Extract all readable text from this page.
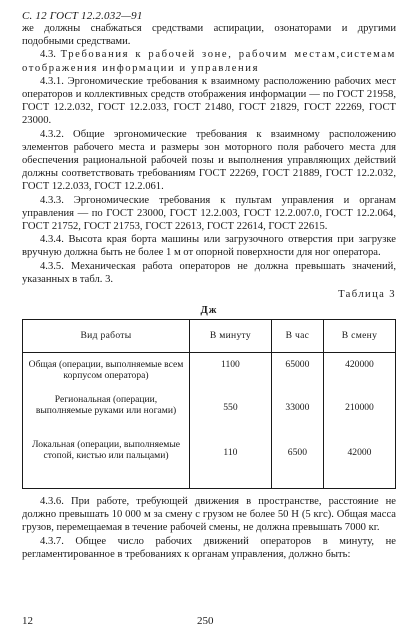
С. 12 ГОСТ 12.2.032—91

же должны снабжаться средствами аспирации, озонаторами и другими подобными средствами.

4.3. Требования к рабочей зоне, рабочим местам,системам отображения информации и управления

4.3.1. Эргономические требования к взаимному расположению рабочих мест операторов и коллективных средств отображения информации — по ГОСТ 21958, ГОСТ 12.2.032, ГОСТ 12.2.033, ГОСТ 21480, ГОСТ 21829, ГОСТ 22269, ГОСТ 23000.

4.3.2. Общие эргономические требования к взаимному расположению элементов рабочего места и размеры зон моторного поля рабочего места для обеспечения рациональной рабочей позы и выполнения управляющих действий должны соответствовать требованиям ГОСТ 22269, ГОСТ 21889, ГОСТ 12.2.032, ГОСТ 12.2.033, ГОСТ 12.2.061.

4.3.3. Эргономические требования к пультам управления и органам управления — по ГОСТ 23000, ГОСТ 12.2.003, ГОСТ 12.2.007.0, ГОСТ 12.2.064, ГОСТ 21752, ГОСТ 21753, ГОСТ 22613, ГОСТ 22614, ГОСТ 22615.

4.3.4. Высота края борта машины или загрузочного отверстия при загрузке вручную должна быть не более 1 м от опорной поверхности для ног оператора.

4.3.5. Механическая работа операторов не должна превышать значений, указанных в табл. 3.

Таблица 3
Дж
Вид работы	В минуту	В час	В смену
Общая (операции, выполняемые всем корпусом оператора)	1100	65000	420000
Региональная (операции, выполняемые руками или ногами)	550	33000	210000
Локальная (операции, выполняемые стопой, кистью или пальцами)	110	6500	42000

4.3.6. При работе, требующей движения в пространстве, расстояние не должно превышать 10 000 м за смену с грузом не более 50 Н (5 кгс). Общая масса грузов, перемещаемая в течение рабочей смены, не должна превышать 7000 кг.

4.3.7. Общее число рабочих движений операторов в минуту, не регламентированное в требованиях к органам управления, должно быть:

12	250
